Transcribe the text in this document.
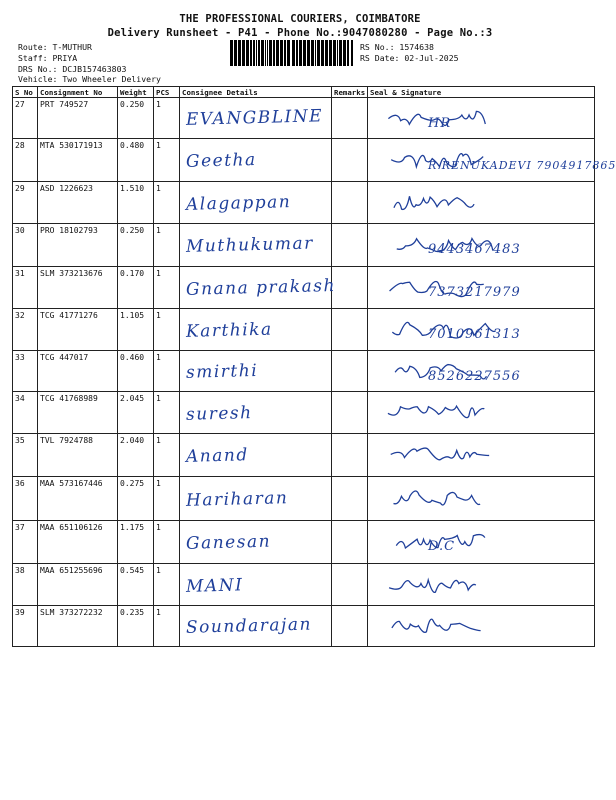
THE PROFESSIONAL COURIERS, COIMBATORE
Delivery Runsheet - P41 - Phone No.:9047080280 - Page No.:3
Route: T-MUTHUR
Staff: PRIYA
DRS No.: DCJB157463803
Vehicle: Two Wheeler Delivery
RS No.: 1574638
RS Date: 02-Jul-2025
S No	Consignment No	Weight	PCS	Consignee Details	Remarks	Seal & Signature
27	PRT 749527	0.250	1	EVANGBLINE		HR

28	MTA 530171913	0.480	1	Geetha		R.RENUKADEVI 7904917865

29	ASD 1226623	1.510	1	Alagappan

30	PRO 18102793	0.250	1	Muthukumar		9443467483

31	SLM 373213676	0.170	1	Gnana prakash		7373217979

32	TCG 41771276	1.105	1	Karthika		7010961313

33	TCG 447017	0.460	1	smirthi		8526227556

34	TCG 41768989	2.045	1	suresh

35	TVL 7924788	2.040	1	Anand

36	MAA 573167446	0.275	1	Hariharan

37	MAA 651106126	1.175	1	Ganesan		D.C

38	MAA 651255696	0.545	1	MANI

39	SLM 373272232	0.235	1	Soundarajan
